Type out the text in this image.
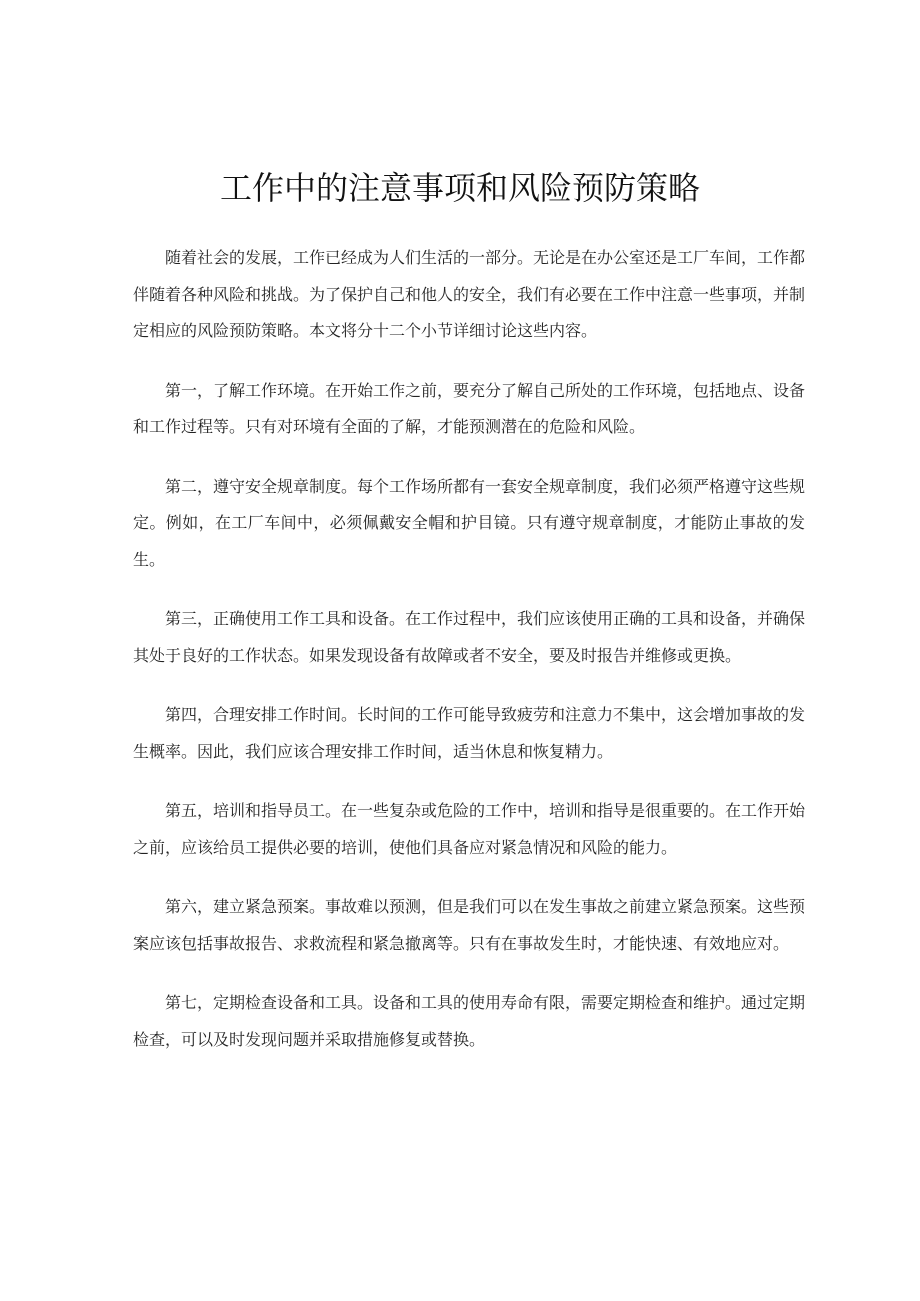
工作中的注意事项和风险预防策略

随着社会的发展，工作已经成为人们生活的一部分。无论是在办公室还是工厂车间，工作都伴随着各种风险和挑战。为了保护自己和他人的安全，我们有必要在工作中注意一些事项，并制定相应的风险预防策略。本文将分十二个小节详细讨论这些内容。

第一，了解工作环境。在开始工作之前，要充分了解自己所处的工作环境，包括地点、设备和工作过程等。只有对环境有全面的了解，才能预测潜在的危险和风险。

第二，遵守安全规章制度。每个工作场所都有一套安全规章制度，我们必须严格遵守这些规定。例如，在工厂车间中，必须佩戴安全帽和护目镜。只有遵守规章制度，才能防止事故的发生。

第三，正确使用工作工具和设备。在工作过程中，我们应该使用正确的工具和设备，并确保其处于良好的工作状态。如果发现设备有故障或者不安全，要及时报告并维修或更换。

第四，合理安排工作时间。长时间的工作可能导致疲劳和注意力不集中，这会增加事故的发生概率。因此，我们应该合理安排工作时间，适当休息和恢复精力。

第五，培训和指导员工。在一些复杂或危险的工作中，培训和指导是很重要的。在工作开始之前，应该给员工提供必要的培训，使他们具备应对紧急情况和风险的能力。

第六，建立紧急预案。事故难以预测，但是我们可以在发生事故之前建立紧急预案。这些预案应该包括事故报告、求救流程和紧急撤离等。只有在事故发生时，才能快速、有效地应对。

第七，定期检查设备和工具。设备和工具的使用寿命有限，需要定期检查和维护。通过定期检查，可以及时发现问题并采取措施修复或替换。
